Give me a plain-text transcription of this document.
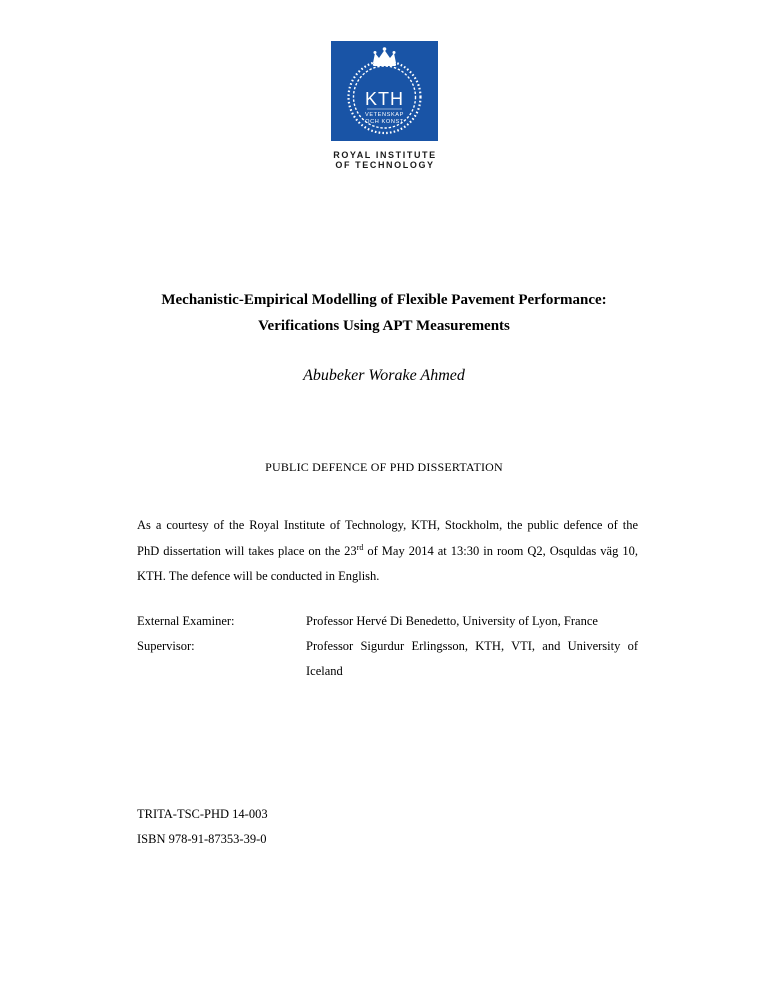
KTH
VETENSKAP
OCH KONST
ROYAL INSTITUTE
OF TECHNOLOGY
Mechanistic-Empirical Modelling of Flexible Pavement Performance:
Verifications Using APT Measurements
Abubeker Worake Ahmed
PUBLIC DEFENCE OF PHD DISSERTATION
As a courtesy of the Royal Institute of Technology, KTH, Stockholm, the public defence of the
PhD dissertation will takes place on the 23rd of May 2014 at 13:30 in room Q2, Osquldas väg 10,
KTH. The defence will be conducted in English.
External Examiner:	Professor Hervé Di Benedetto, University of Lyon, France
Supervisor:	Professor Sigurdur Erlingsson, KTH, VTI, and University of
Iceland
TRITA-TSC-PHD 14-003
ISBN 978-91-87353-39-0
